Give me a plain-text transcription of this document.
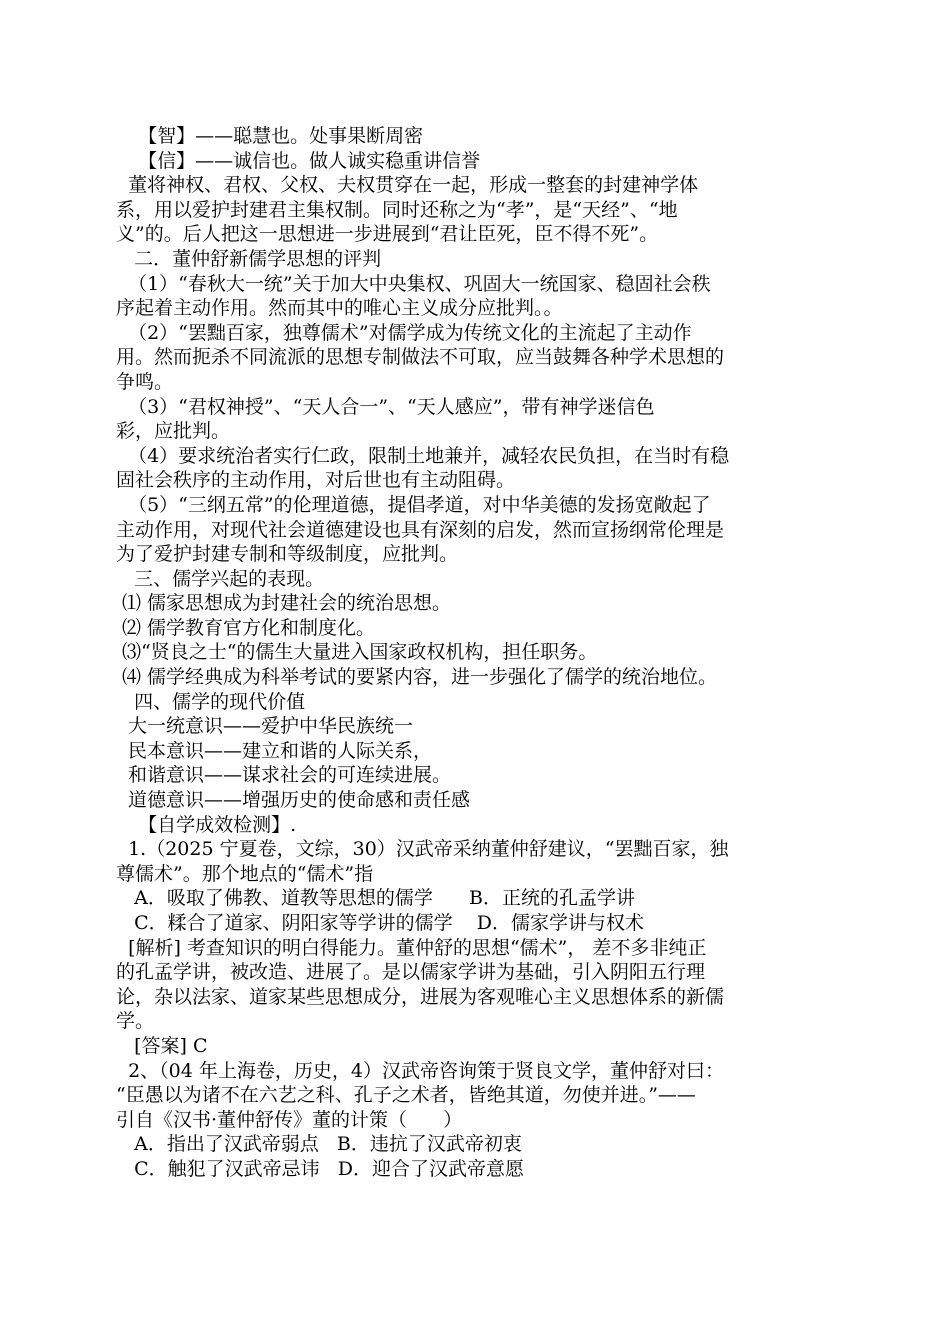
【智】——聪慧也。处事果断周密
【信】——诚信也。做人诚实稳重讲信誉
董将神权、君权、父权、夫权贯穿在一起，形成一整套的封建神学体
系，用以爱护封建君主集权制。同时还称之为“孝”，是“天经”、“地
义”的。后人把这一思想进一步进展到“君让臣死，臣不得不死”。
二．董仲舒新儒学思想的评判
（1）“春秋大一统”关于加大中央集权、巩固大一统国家、稳固社会秩
序起着主动作用。然而其中的唯心主义成分应批判。。
（2）“罢黜百家，独尊儒术”对儒学成为传统文化的主流起了主动作
用。然而扼杀不同流派的思想专制做法不可取，应当鼓舞各种学术思想的
争鸣。
（3）“君权神授”、“天人合一”、“天人感应”，带有神学迷信色
彩，应批判。
（4）要求统治者实行仁政，限制土地兼并，减轻农民负担，在当时有稳
固社会秩序的主动作用，对后世也有主动阻碍。
（5）“三纲五常”的伦理道德，提倡孝道，对中华美德的发扬宽敞起了
主动作用，对现代社会道德建设也具有深刻的启发，然而宣扬纲常伦理是
为了爱护封建专制和等级制度，应批判。
三、儒学兴起的表现。
⑴ 儒家思想成为封建社会的统治思想。
⑵ 儒学教育官方化和制度化。
⑶“贤良之士“的儒生大量进入国家政权机构，担任职务。
⑷ 儒学经典成为科举考试的要紧内容，进一步强化了儒学的统治地位。
四、儒学的现代价值
大一统意识——爱护中华民族统一
民本意识——建立和谐的人际关系，
和谐意识——谋求社会的可连续进展。
道德意识——增强历史的使命感和责任感
【自学成效检测】.
1.（2025 宁夏卷，文综，30）汉武帝采纳董仲舒建议，“罢黜百家，独
尊儒术”。那个地点的“儒术”指
A．吸取了佛教、道教等思想的儒学      B．正统的孔孟学讲
C．糅合了道家、阴阳家等学讲的儒学    D．儒家学讲与权术
[解析] 考查知识的明白得能力。董仲舒的思想“儒术”， 差不多非纯正
的孔孟学讲，被改造、进展了。是以儒家学讲为基础，引入阴阳五行理
论，杂以法家、道家某些思想成分，进展为客观唯心主义思想体系的新儒
学。
[答案] C
2、（04 年上海卷，历史，4）汉武帝咨询策于贤良文学，董仲舒对曰：
“臣愚以为诸不在六艺之科、孔子之术者，皆绝其道，勿使并进。”——
引自《汉书·董仲舒传》董的计策（      ）
A．指出了汉武帝弱点   B．违抗了汉武帝初衷
C．触犯了汉武帝忌讳   D．迎合了汉武帝意愿
